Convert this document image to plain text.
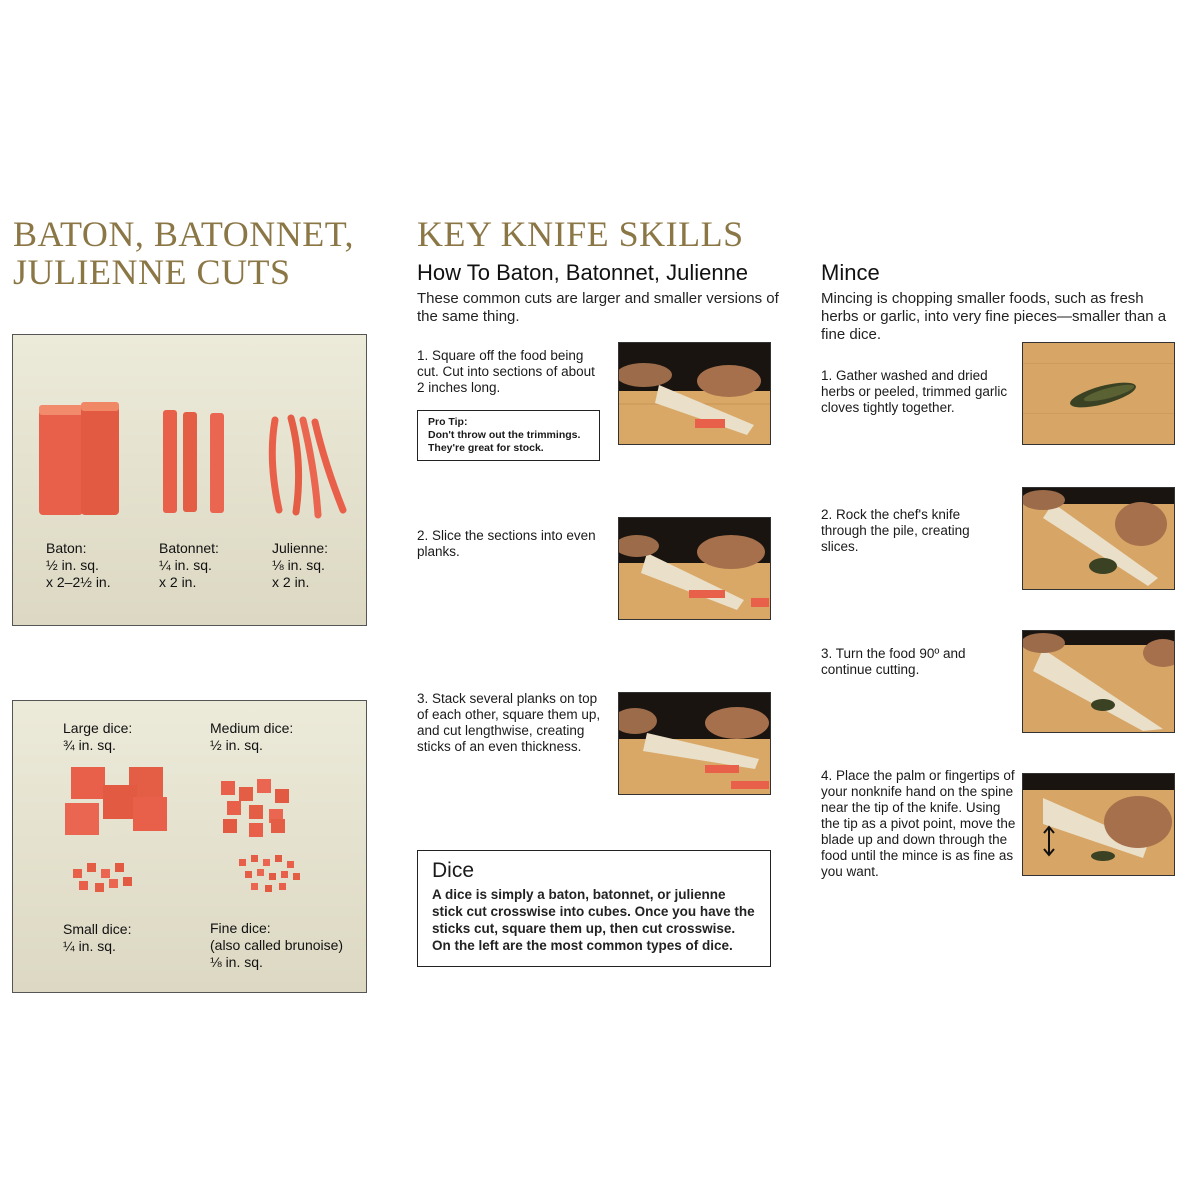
BATON, BATONNET,
JULIENNE CUTS
Baton:
½ in. sq.
x 2–2½ in.
Batonnet:
¼ in. sq.
x 2 in.
Julienne:
⅛ in. sq.
x 2 in.
Large dice:
¾ in. sq.
Medium dice:
½ in. sq.
Small dice:
¼ in. sq.
Fine dice:
(also called brunoise)
⅛ in. sq.
KEY KNIFE SKILLS
How To Baton, Batonnet, Julienne
These common cuts are larger and smaller versions of the same thing.
1. Square off the food being cut. Cut into sections of about 2 inches long.
Pro Tip:
Don't throw out the trimmings. They're great for stock.
2. Slice the sections into even planks.
3. Stack several planks on top of each other, square them up, and cut lengthwise, creating sticks of an even thickness.
Dice
A dice is simply a baton, batonnet, or julienne stick cut crosswise into cubes. Once you have the sticks cut, square them up, then cut crosswise. On the left are the most common types of dice.
Mince
Mincing is chopping smaller foods, such as fresh herbs or garlic, into very fine pieces—smaller than a fine dice.
1. Gather washed and dried herbs or peeled, trimmed garlic cloves tightly together.
2. Rock the chef's knife through the pile, creating slices.
3. Turn the food 90º and continue cutting.
4. Place the palm or fingertips of your nonknife hand on the spine near the tip of the knife. Using the tip as a pivot point, move the blade up and down through the food until the mince is as fine as you want.
